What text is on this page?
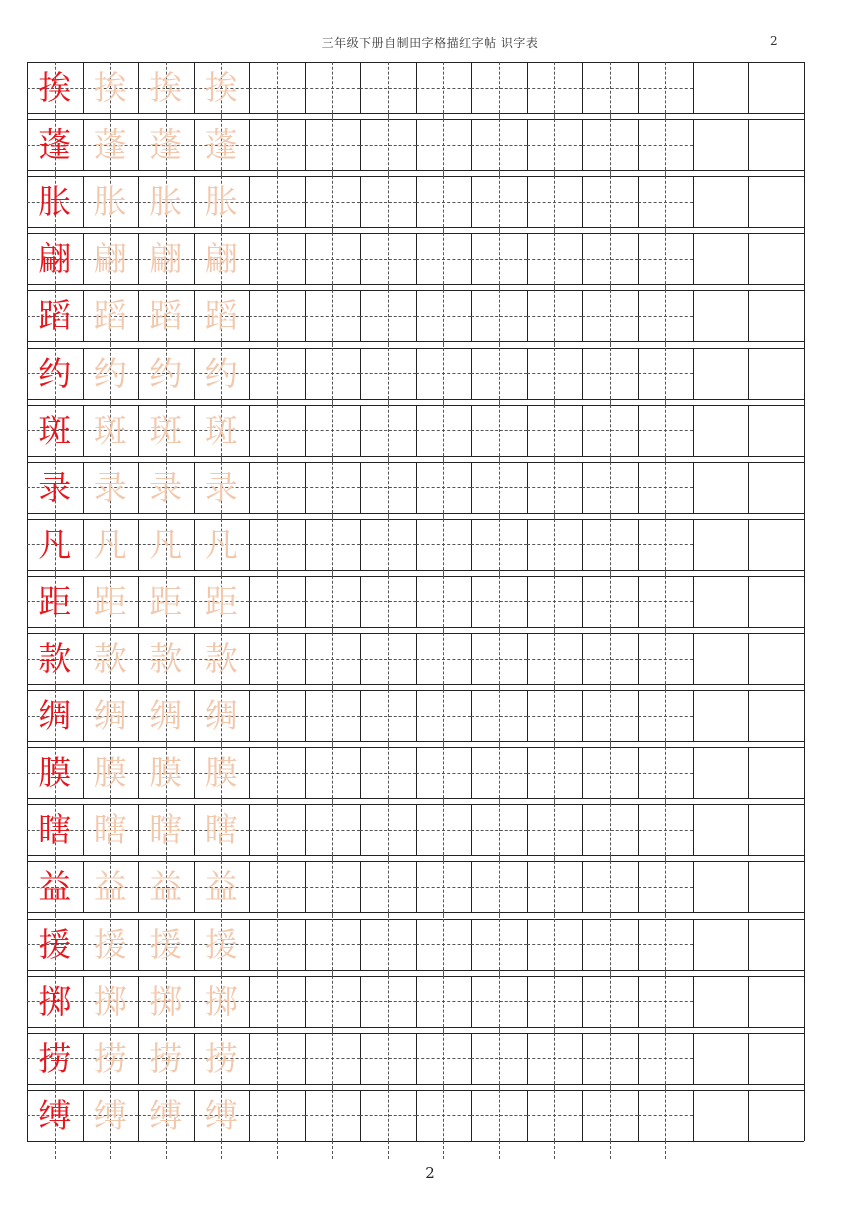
三年级下册自制田字格描红字帖 识字表	2
挨 挨 挨 挨
蓬 蓬 蓬 蓬
胀 胀 胀 胀
翩 翩 翩 翩
蹈 蹈 蹈 蹈
约 约 约 约
斑 斑 斑 斑
录 录 录 录
凡 凡 凡 凡
距 距 距 距
款 款 款 款
绸 绸 绸 绸
膜 膜 膜 膜
瞎 瞎 瞎 瞎
益 益 益 益
援 援 援 援
掷 掷 掷 掷
捞 捞 捞 捞
缚 缚 缚 缚
2
